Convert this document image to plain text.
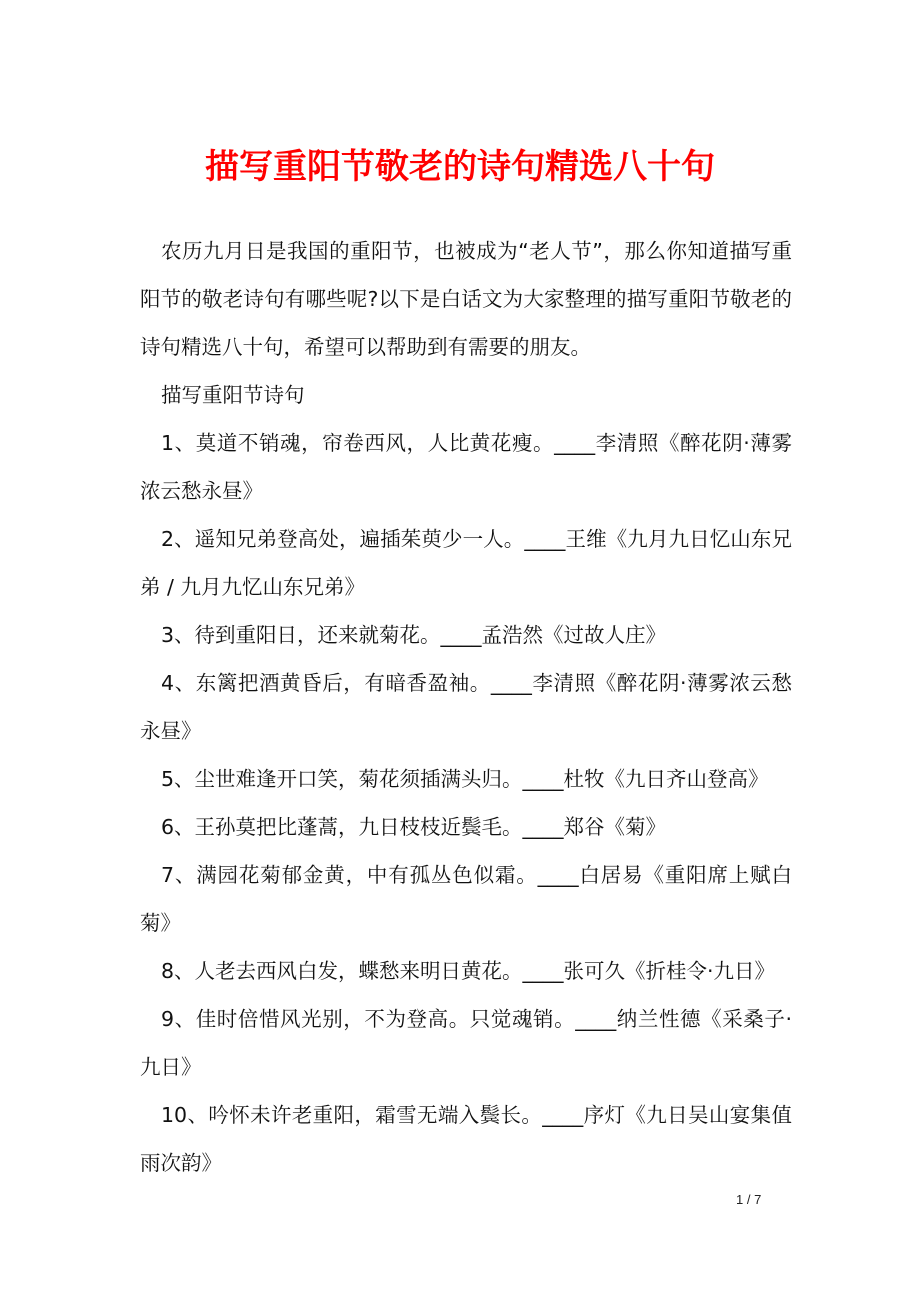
描写重阳节敬老的诗句精选八十句

农历九月日是我国的重阳节，也被成为“老人节”，那么你知道描写重阳节的敬老诗句有哪些呢?以下是白话文为大家整理的描写重阳节敬老的诗句精选八十句，希望可以帮助到有需要的朋友。

描写重阳节诗句

1、莫道不销魂，帘卷西风，人比黄花瘦。____李清照《醉花阴·薄雾浓云愁永昼》

2、遥知兄弟登高处，遍插茱萸少一人。____王维《九月九日忆山东兄弟 / 九月九忆山东兄弟》

3、待到重阳日，还来就菊花。____孟浩然《过故人庄》

4、东篱把酒黄昏后，有暗香盈袖。____李清照《醉花阴·薄雾浓云愁永昼》

5、尘世难逢开口笑，菊花须插满头归。____杜牧《九日齐山登高》

6、王孙莫把比蓬蒿，九日枝枝近鬓毛。____郑谷《菊》

7、满园花菊郁金黄，中有孤丛色似霜。____白居易《重阳席上赋白菊》

8、人老去西风白发，蝶愁来明日黄花。____张可久《折桂令·九日》

9、佳时倍惜风光别，不为登高。只觉魂销。____纳兰性德《采桑子·九日》

10、吟怀未许老重阳，霜雪无端入鬓长。____序灯《九日吴山宴集值雨次韵》

1 / 7
